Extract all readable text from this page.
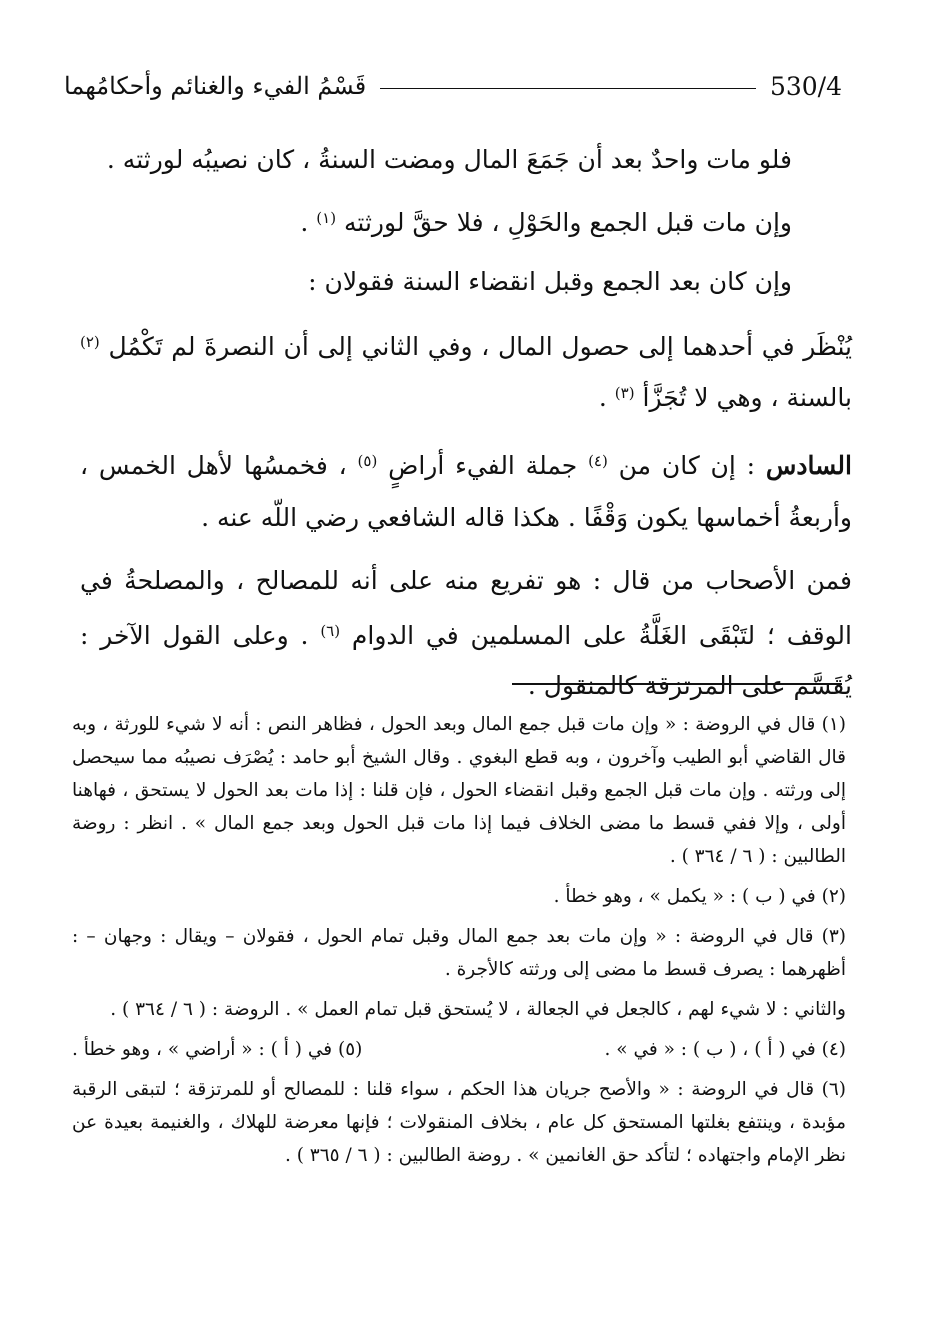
530/4
قَسْمُ الفيء والغنائم وأحكامُهما

فلو مات واحدٌ بعد أن جَمَعَ المال ومضت السنةُ ، كان نصيبُه لورثته .

وإن مات قبل الجمع والحَوْلِ ، فلا حقَّ لورثته $^{(١)}$ .

وإن كان بعد الجمع وقبل انقضاء السنة فقولان :

يُنْظَر في أحدهما إلى حصول المال ، وفي الثاني إلى أن النصرةَ لم تَكْمُل $^{(٢)}$ بالسنة ، وهي لا تُجَزَّأ $^{(٣)}$ .

السادس : إن كان من $^{(٤)}$ جملة الفيء أراضٍ $^{(٥)}$ ، فخمسُها لأهل الخمس ، وأربعةُ أخماسها يكون وَقْفًا . هكذا قاله الشافعي رضي اللّه عنه .

فمن الأصحاب من قال : هو تفريع منه على أنه للمصالح ، والمصلحةُ في الوقف ؛ لتَبْقَى الغَلَّةُ على المسلمين في الدوام $^{(٦)}$ . وعلى القول الآخر : يُقَسَّم على المرتزقة كالمنقول .

(١) قال في الروضة : « وإن مات قبل جمع المال وبعد الحول ، فظاهر النص : أنه لا شيء للورثة ، وبه قال القاضي أبو الطيب وآخرون ، وبه قطع البغوي . وقال الشيخ أبو حامد : يُصْرَف نصيبُه مما سيحصل إلى ورثته . وإن مات قبل الجمع وقبل انقضاء الحول ، فإن قلنا : إذا مات بعد الحول لا يستحق ، فهاهنا أولى ، وإلا ففي قسط ما مضى الخلاف فيما إذا مات قبل الحول وبعد جمع المال » . انظر : روضة الطالبين : ( ٦ / ٣٦٤ ) .

(٢) في ( ب ) : « يكمل » ، وهو خطأ .

(٣) قال في الروضة : « وإن مات بعد جمع المال وقبل تمام الحول ، فقولان – ويقال : وجهان – : أظهرهما : يصرف قسط ما مضى إلى ورثته كالأجرة .

والثاني : لا شيء لهم ، كالجعل في الجعالة ، لا يُستحق قبل تمام العمل » . الروضة : ( ٦ / ٣٦٤ ) .

(٤) في ( أ ) ، ( ب ) : « في » .
(٥) في ( أ ) : « أراضي » ، وهو خطأ .

(٦) قال في الروضة : « والأصح جريان هذا الحكم ، سواء قلنا : للمصالح أو للمرتزقة ؛ لتبقى الرقبة مؤبدة ، وينتفع بغلتها المستحق كل عام ، بخلاف المنقولات ؛ فإنها معرضة للهلاك ، والغنيمة بعيدة عن نظر الإمام واجتهاده ؛ لتأكد حق الغانمين » . روضة الطالبين : ( ٦ / ٣٦٥ ) .
